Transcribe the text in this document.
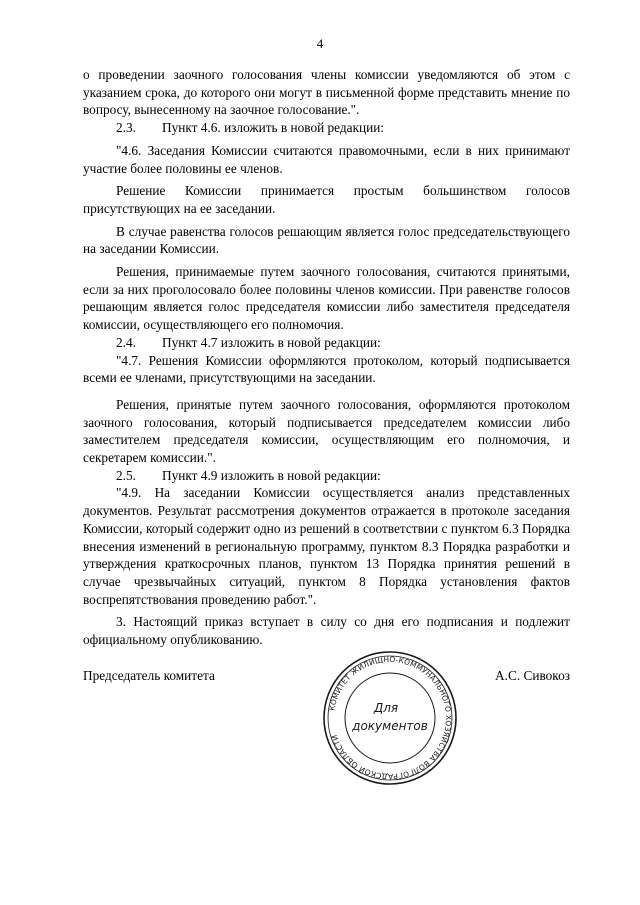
4

о проведении заочного голосования члены комиссии уведомляются об этом с указанием срока, до которого они могут в письменной форме представить мнение по вопросу, вынесенному на заочное голосование.".

2.3. Пункт 4.6. изложить в новой редакции:

"4.6. Заседания Комиссии считаются правомочными, если в них принимают участие более половины ее членов.

Решение Комиссии принимается простым большинством голосов присутствующих на ее заседании.

В случае равенства голосов решающим является голос председательствующего на заседании Комиссии.

Решения, принимаемые путем заочного голосования, считаются принятыми, если за них проголосовало более половины членов комиссии. При равенстве голосов решающим является голос председателя комиссии либо заместителя председателя комиссии, осуществляющего его полномочия.

2.4. Пункт 4.7 изложить в новой редакции:

"4.7. Решения Комиссии оформляются протоколом, который подписывается всеми ее членами, присутствующими на заседании.

Решения, принятые путем заочного голосования, оформляются протоколом заочного голосования, который подписывается председателем комиссии либо заместителем председателя комиссии, осуществляющим его полномочия, и секретарем комиссии.".

2.5. Пункт 4.9 изложить в новой редакции:

"4.9. На заседании Комиссии осуществляется анализ представленных документов. Результат рассмотрения документов отражается в протоколе заседания Комиссии, который содержит одно из решений в соответствии с пунктом 6.3 Порядка внесения изменений в региональную программу, пунктом 8.3 Порядка разработки и утверждения краткосрочных планов, пунктом 13 Порядка принятия решений в случае чрезвычайных ситуаций, пунктом 8 Порядка установления фактов воспрепятствования проведению работ.".

3. Настоящий приказ вступает в силу со дня его подписания и подлежит официальному опубликованию.

Председатель комитета	А.С. Сивокоз
КОМИТЕТ ЖИЛИЩНО-КОММУНАЛЬНОГО ХОЗЯЙСТВА ВОЛГОГРАДСКОЙ ОБЛАСТИ
Для
документов
